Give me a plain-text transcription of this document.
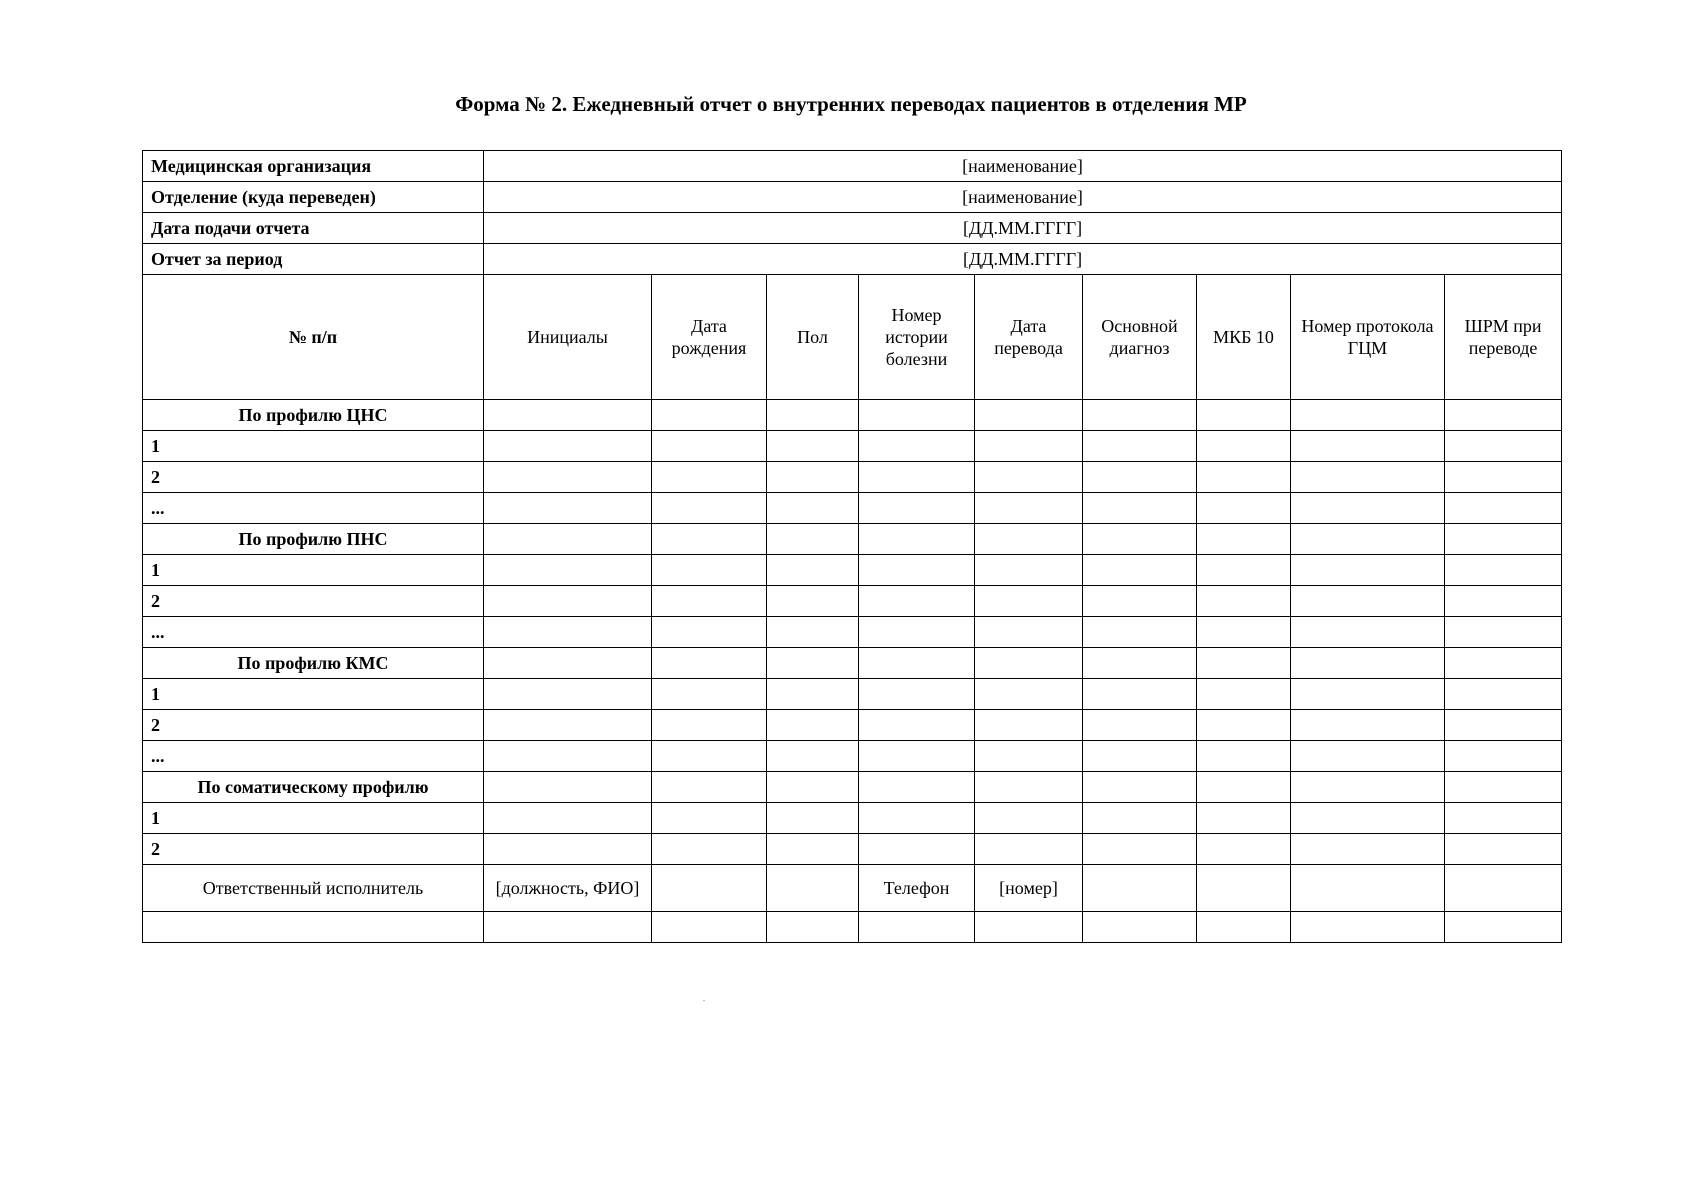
Форма № 2. Ежедневный отчет о внутренних переводах пациентов в отделения МР
Медицинская организация	[наименование]								
Отделение (куда переведен)	[наименование]								
Дата подачи отчета	[ДД.ММ.ГГГГ]								
Отчет за период	[ДД.ММ.ГГГГ]								
№ п/п	Инициалы	Дата рождения	Пол	Номер истории болезни	Дата перевода	Основной диагноз	МКБ 10	Номер протокола ГЦМ	ШРМ при переводе
По профилю ЦНС									
1									
2									
...									
По профилю ПНС									
1									
2									
...									
По профилю КМС									
1									
2									
...									
По соматическому профилю									
1									
2									
Ответственный исполнитель	[должность, ФИО]			Телефон	[номер]				
